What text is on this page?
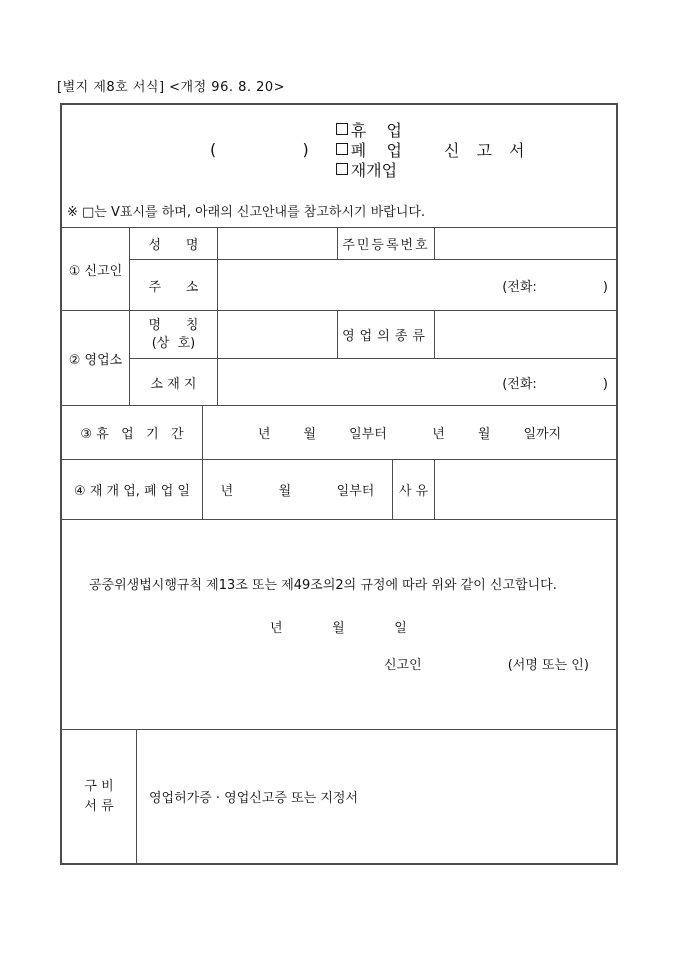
[별지 제8호 서식] <개정 96. 8. 20>
(              )
휴    업
폐    업
재개업
신 고 서
※ □는 V표시를 하며, 아래의 신고안내를 참고하시기 바랍니다.
① 신고인
성      명	주민등록번호
주      소	(전화:                )
② 영업소
명      칭
(상  호)	영업의종류
소 재 지	(전화:                )
③ 휴   업   기   간	년        월        일부터           년        월        일까지
④ 재 개 업, 폐 업 일	년           월           일부터	사 유
공중위생법시행규칙 제13조 또는 제49조의2의 규정에 따라 위와 같이 신고합니다.
년            월            일
신고인	(서명 또는 인)
구 비
서 류	영업허가증 · 영업신고증 또는 지정서
